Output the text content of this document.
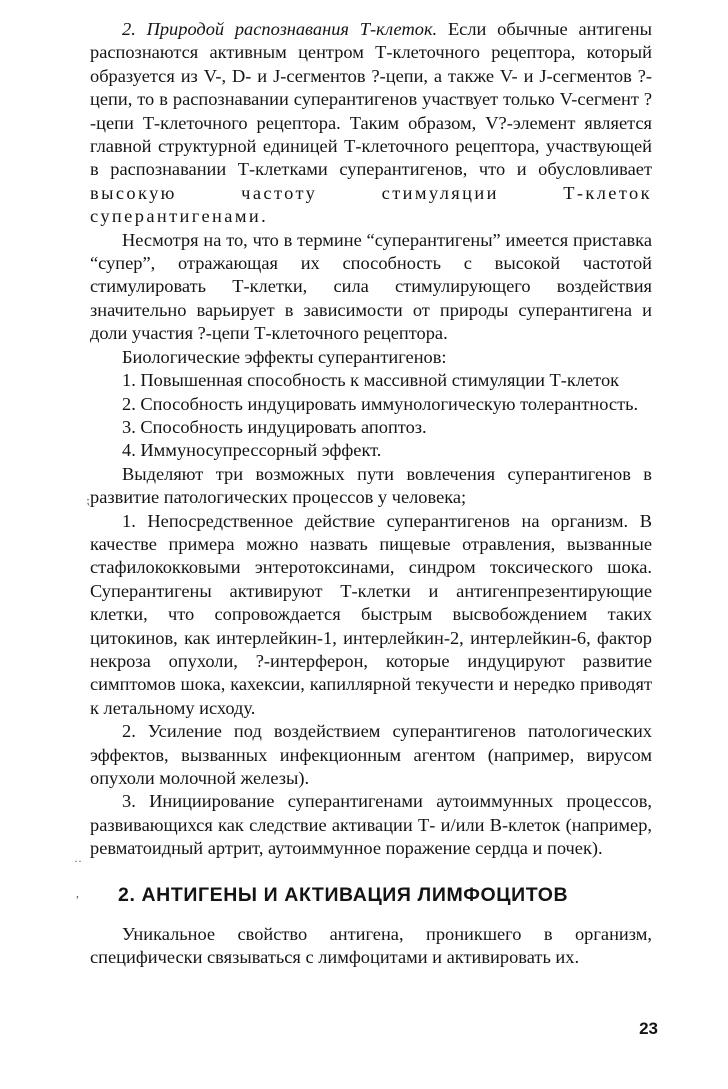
2. Природой распознавания Т-клеток. Если обычные антигены распознаются активным центром Т-клеточного рецептора, который образуется из V-, D- и J-сегментов ?-цепи, а также V- и J-сегментов ?-цепи, то в распознавании суперантигенов участвует только V-сегмент ?-цепи Т-клеточного рецептора. Таким образом, V?-элемент является главной структурной единицей Т-клеточного рецептора, участвующей в распознавании Т-клетками суперантигенов, что и обусловливает высокую частоту стимуляции Т-клеток суперантигенами.

Несмотря на то, что в термине “суперантигены” имеется приставка “супер”, отражающая их способность с высокой частотой стимулировать Т-клетки, сила стимулирующего воздействия значительно варьирует в зависимости от природы суперантигена и доли участия ?-цепи Т-клеточного рецептора.

Биологические эффекты суперантигенов:

1. Повышенная способность к массивной стимуляции Т-клеток

2. Способность индуцировать иммунологическую толерантность.

3. Способность индуцировать апоптоз.

4. Иммуносупрессорный эффект.

Выделяют три возможных пути вовлечения суперантигенов в развитие патологических процессов у человека;

1. Непосредственное действие суперантигенов на организм. В качестве примера можно назвать пищевые отравления, вызванные стафилококковыми энтеротоксинами, синдром токсического шока. Суперантигены активируют Т-клетки и антигенпрезентирующие клетки, что сопровождается быстрым высвобождением таких цитокинов, как интерлейкин-1, интерлейкин-2, интерлейкин-6, фактор некроза опухоли, ?-интерферон, которые индуцируют развитие симптомов шока, кахексии, капиллярной текучести и нередко приводят к летальному исходу.

2. Усиление под воздействием суперантигенов патологических эффектов, вызванных инфекционным агентом (например, вирусом опухоли молочной железы).

3. Инициирование суперантигенами аутоиммунных процессов, развивающихся как следствие активации Т- и/или В-клеток (например, ревматоидный артрит, аутоиммунное поражение сердца и почек).

2. АНТИГЕНЫ И АКТИВАЦИЯ ЛИМФОЦИТОВ

Уникальное свойство антигена, проникшего в организм, специфически связываться с лимфоцитами и активировать их.

⁏
··
,
23
